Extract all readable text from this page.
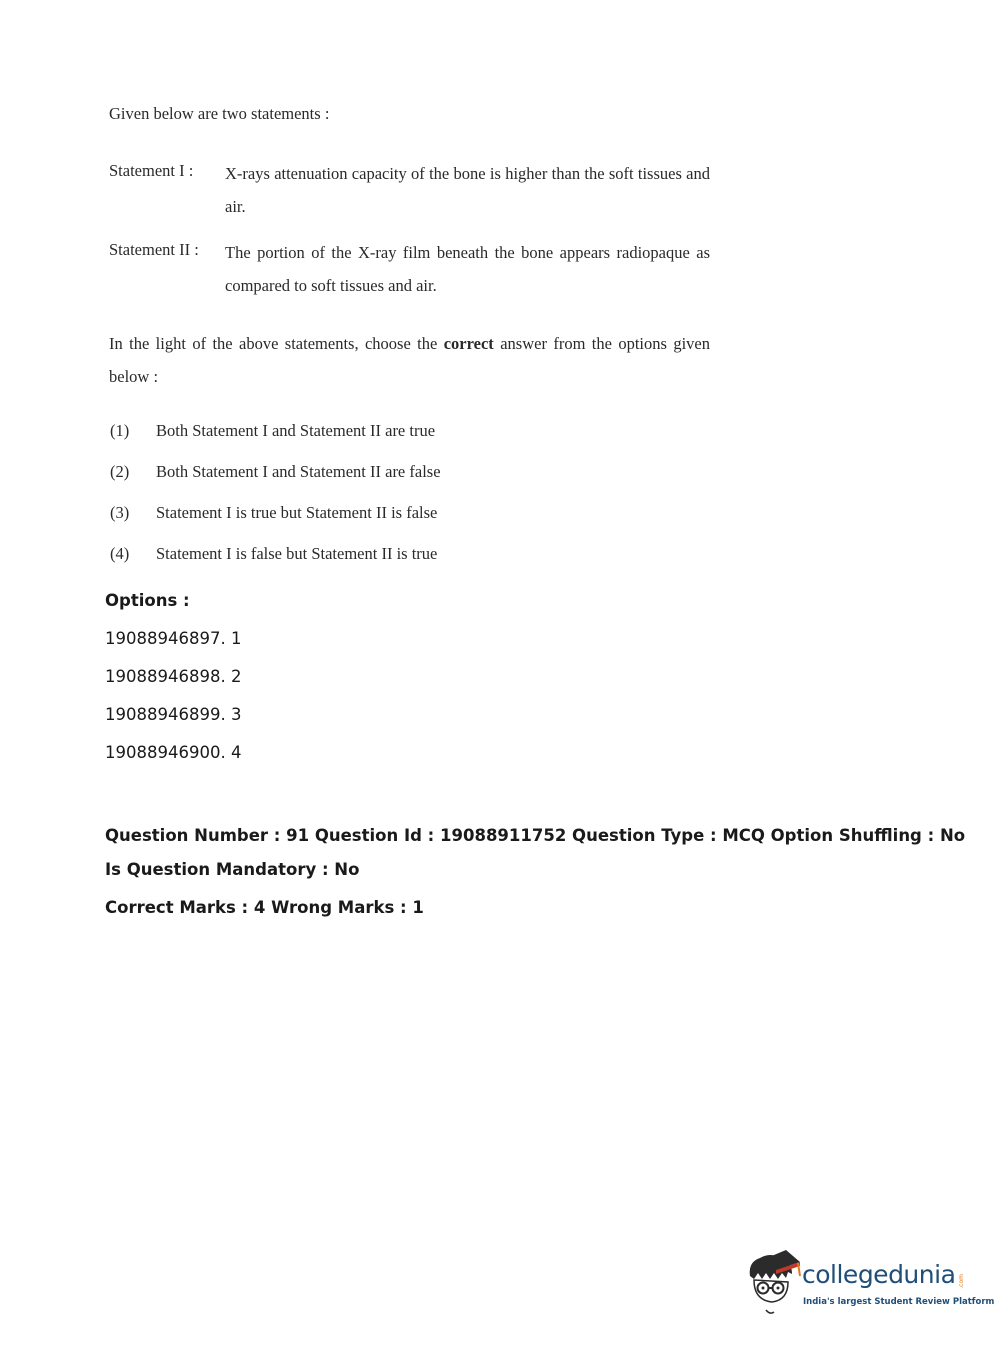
Given below are two statements :
Statement I : X-rays attenuation capacity of the bone is higher than the soft tissues and air.
Statement II : The portion of the X-ray film beneath the bone appears radiopaque as compared to soft tissues and air.
In the light of the above statements, choose the correct answer from the options given below :
(1) Both Statement I and Statement II are true
(2) Both Statement I and Statement II are false
(3) Statement I is true but Statement II is false
(4) Statement I is false but Statement II is true
Options :
19088946897. 1
19088946898. 2
19088946899. 3
19088946900. 4
Question Number : 91 Question Id : 19088911752 Question Type : MCQ Option Shuffling : No
Is Question Mandatory : No
Correct Marks : 4 Wrong Marks : 1
collegedunia .com
India's largest Student Review Platform
